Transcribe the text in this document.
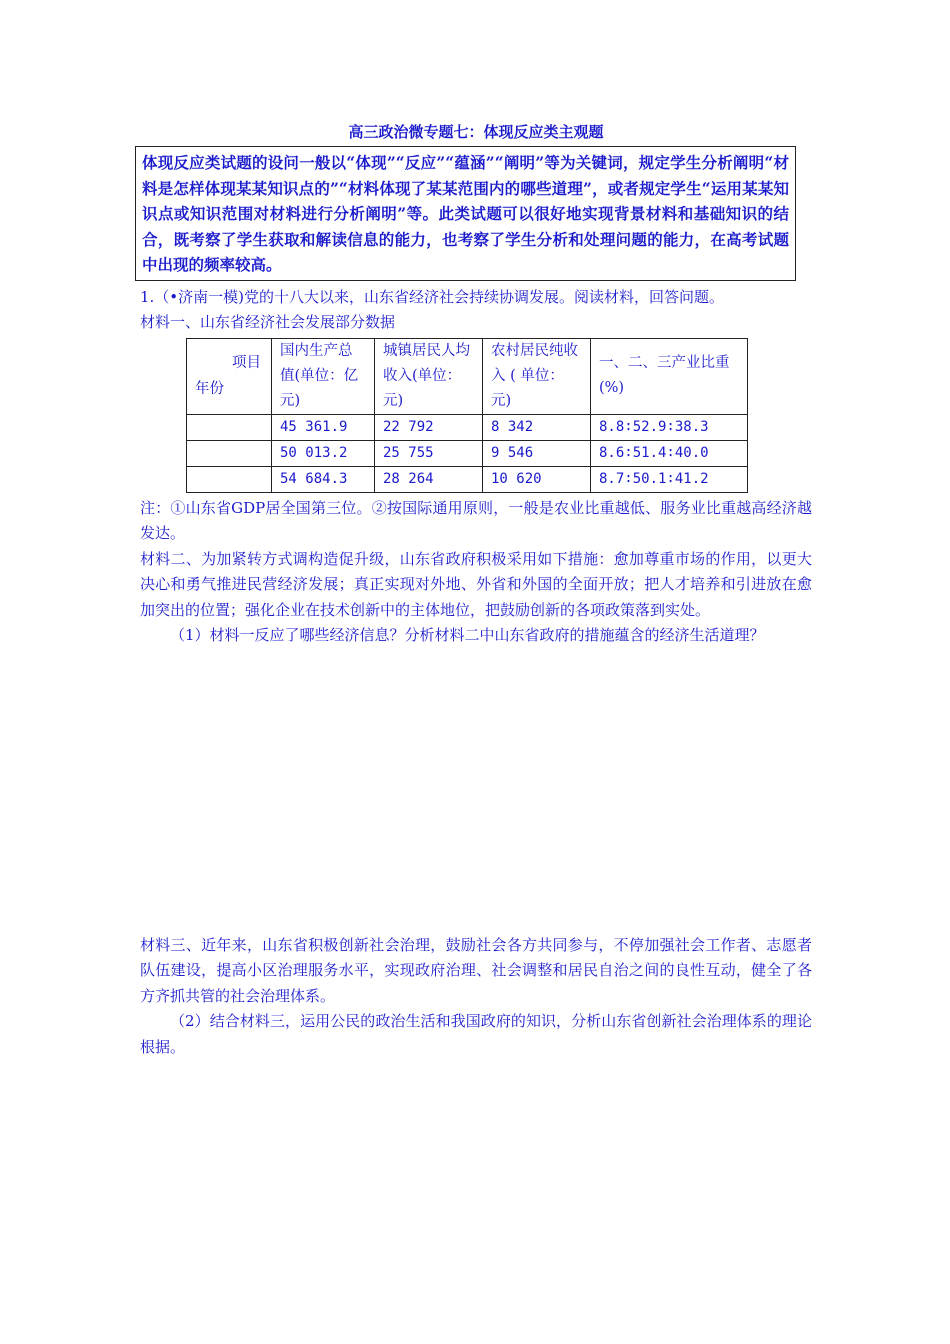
高三政治微专题七：体现反应类主观题
体现反应类试题的设问一般以“体现”“反应”“蕴涵”“阐明”等为关键词，规定学生分析阐明“材料是怎样体现某某知识点的”“材料体现了某某范围内的哪些道理”，或者规定学生“运用某某知识点或知识范围对材料进行分析阐明”等。此类试题可以很好地实现背景材料和基础知识的结合，既考察了学生获取和解读信息的能力，也考察了学生分析和处理问题的能力，在高考试题中出现的频率较高。

1.（•济南一模)党的十八大以来，山东省经济社会持续协调发展。阅读材料，回答问题。

材料一、山东省经济社会发展部分数据

项目
年份	国内生产总值(单位：亿元)	城镇居民人均收入(单位：元)	农村居民纯收 入 ( 单位：元)	一、二、三产业比重(%)
	45 361.9	22 792	8 342	8.8∶52.9∶38.3
	50 013.2	25 755	9 546	8.6∶51.4∶40.0
	54 684.3	28 264	10 620	8.7∶50.1∶41.2

注：①山东省GDP居全国第三位。②按国际通用原则，一般是农业比重越低、服务业比重越高经济越发达。

材料二、为加紧转方式调构造促升级，山东省政府积极采用如下措施：愈加尊重市场的作用，以更大决心和勇气推进民营经济发展；真正实现对外地、外省和外国的全面开放；把人才培养和引进放在愈加突出的位置；强化企业在技术创新中的主体地位，把鼓励创新的各项政策落到实处。

（1）材料一反应了哪些经济信息？分析材料二中山东省政府的措施蕴含的经济生活道理？

材料三、近年来，山东省积极创新社会治理，鼓励社会各方共同参与，不停加强社会工作者、志愿者队伍建设，提高小区治理服务水平，实现政府治理、社会调整和居民自治之间的良性互动，健全了各方齐抓共管的社会治理体系。

（2）结合材料三，运用公民的政治生活和我国政府的知识，分析山东省创新社会治理体系的理论根据。
